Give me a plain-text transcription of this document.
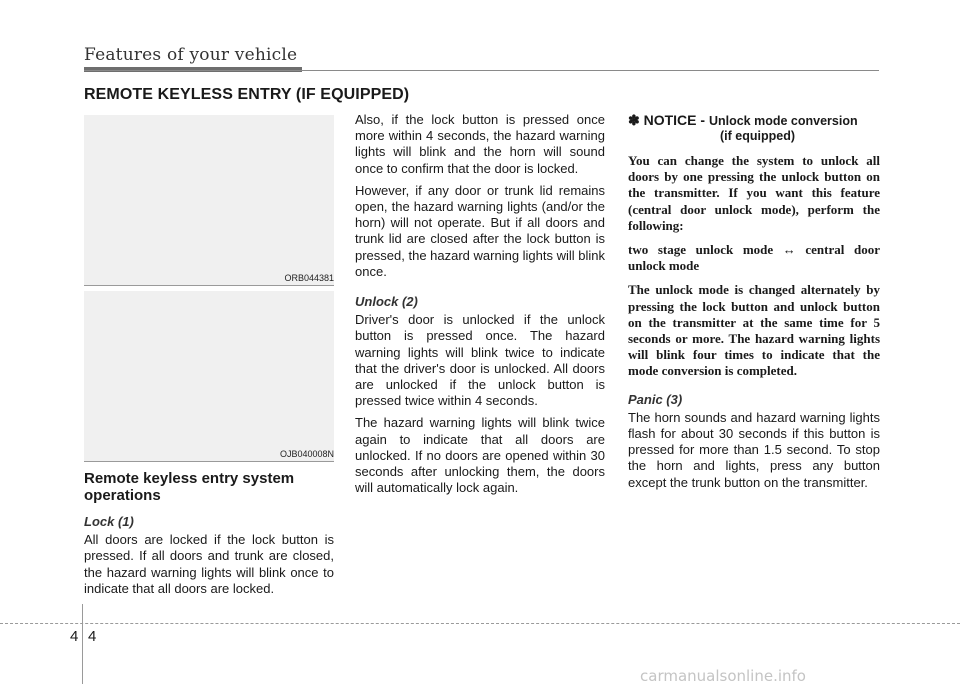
Features of your vehicle
REMOTE KEYLESS ENTRY (IF EQUIPPED)
ORB044381
OJB040008N
Remote keyless entry system operations
Lock (1)

All doors are locked if the lock button is pressed. If all doors and trunk are closed, the hazard warning lights will blink once to indicate that all doors are locked.

Also, if the lock button is pressed once more within 4 seconds, the hazard warning lights will blink and the horn will sound once to confirm that the door is locked.

However, if any door or trunk lid remains open, the hazard warning lights (and/or the horn) will not operate. But if all doors and trunk lid are closed after the lock button is pressed, the hazard warning lights will blink once.

Unlock (2)

Driver's door is unlocked if the unlock button is pressed once. The hazard warning lights will blink twice to indicate that the driver's door is unlocked. All doors are unlocked if the unlock button is pressed twice within 4 seconds.

The hazard warning lights will blink twice again to indicate that all doors are unlocked. If no doors are opened within 30 seconds after unlocking them, the doors will automatically lock again.

✽ NOTICE - Unlock mode conversion
(if equipped)

You can change the system to unlock all doors by one pressing the unlock button on the transmitter. If you want this feature (central door unlock mode), perform the following:

two stage unlock mode ↔ central door unlock mode

The unlock mode is changed alternately by pressing the lock button and unlock button on the transmitter at the same time for 5 seconds or more. The hazard warning lights will blink four times to indicate that the mode conversion is completed.

Panic (3)

The horn sounds and hazard warning lights flash for about 30 seconds if this button is pressed for more than 1.5 second. To stop the horn and lights, press any button except the trunk button on the transmitter.

4 4
carmanualsonline.info
